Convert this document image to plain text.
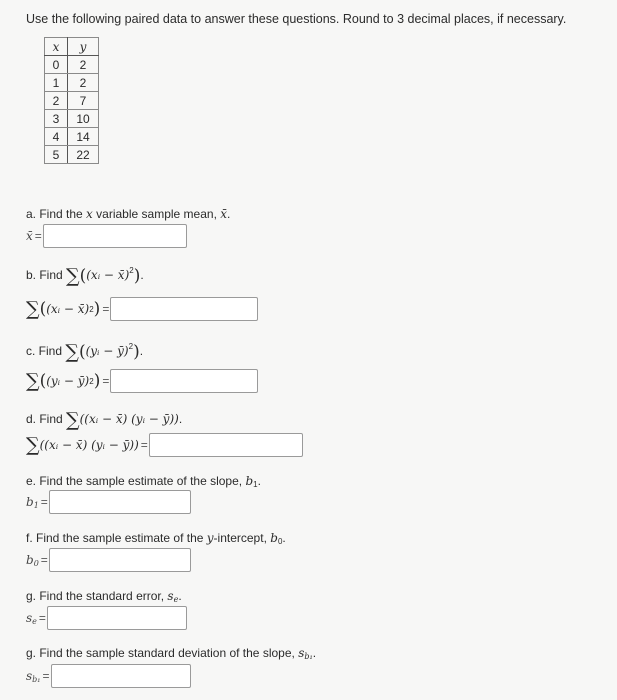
Use the following paired data to answer these questions. Round to 3 decimal places, if necessary.
x	y
0	2
1	2
2	7
3	10
4	14
5	22
a. Find the x variable sample mean, x̄.
x̄ =
b. Find ∑((xᵢ − x̄)$^2$).
∑ ( (xᵢ − x̄) 2 ) =
c. Find ∑((yᵢ − ȳ)$^2$).
∑ ( (yᵢ − ȳ) 2 ) =
d. Find ∑((xᵢ − x̄) (yᵢ − ȳ)).
∑ ((xᵢ − x̄) (yᵢ − ȳ)) =
e. Find the sample estimate of the slope, $b_1$.
$b_1$ =
f. Find the sample estimate of the y-intercept, $b_0$.
$b_0$ =
g. Find the standard error, $s_e$.
$s_e$ =
g. Find the sample standard deviation of the slope, $s_{b_1}$.
$s_{b_1}$ =
